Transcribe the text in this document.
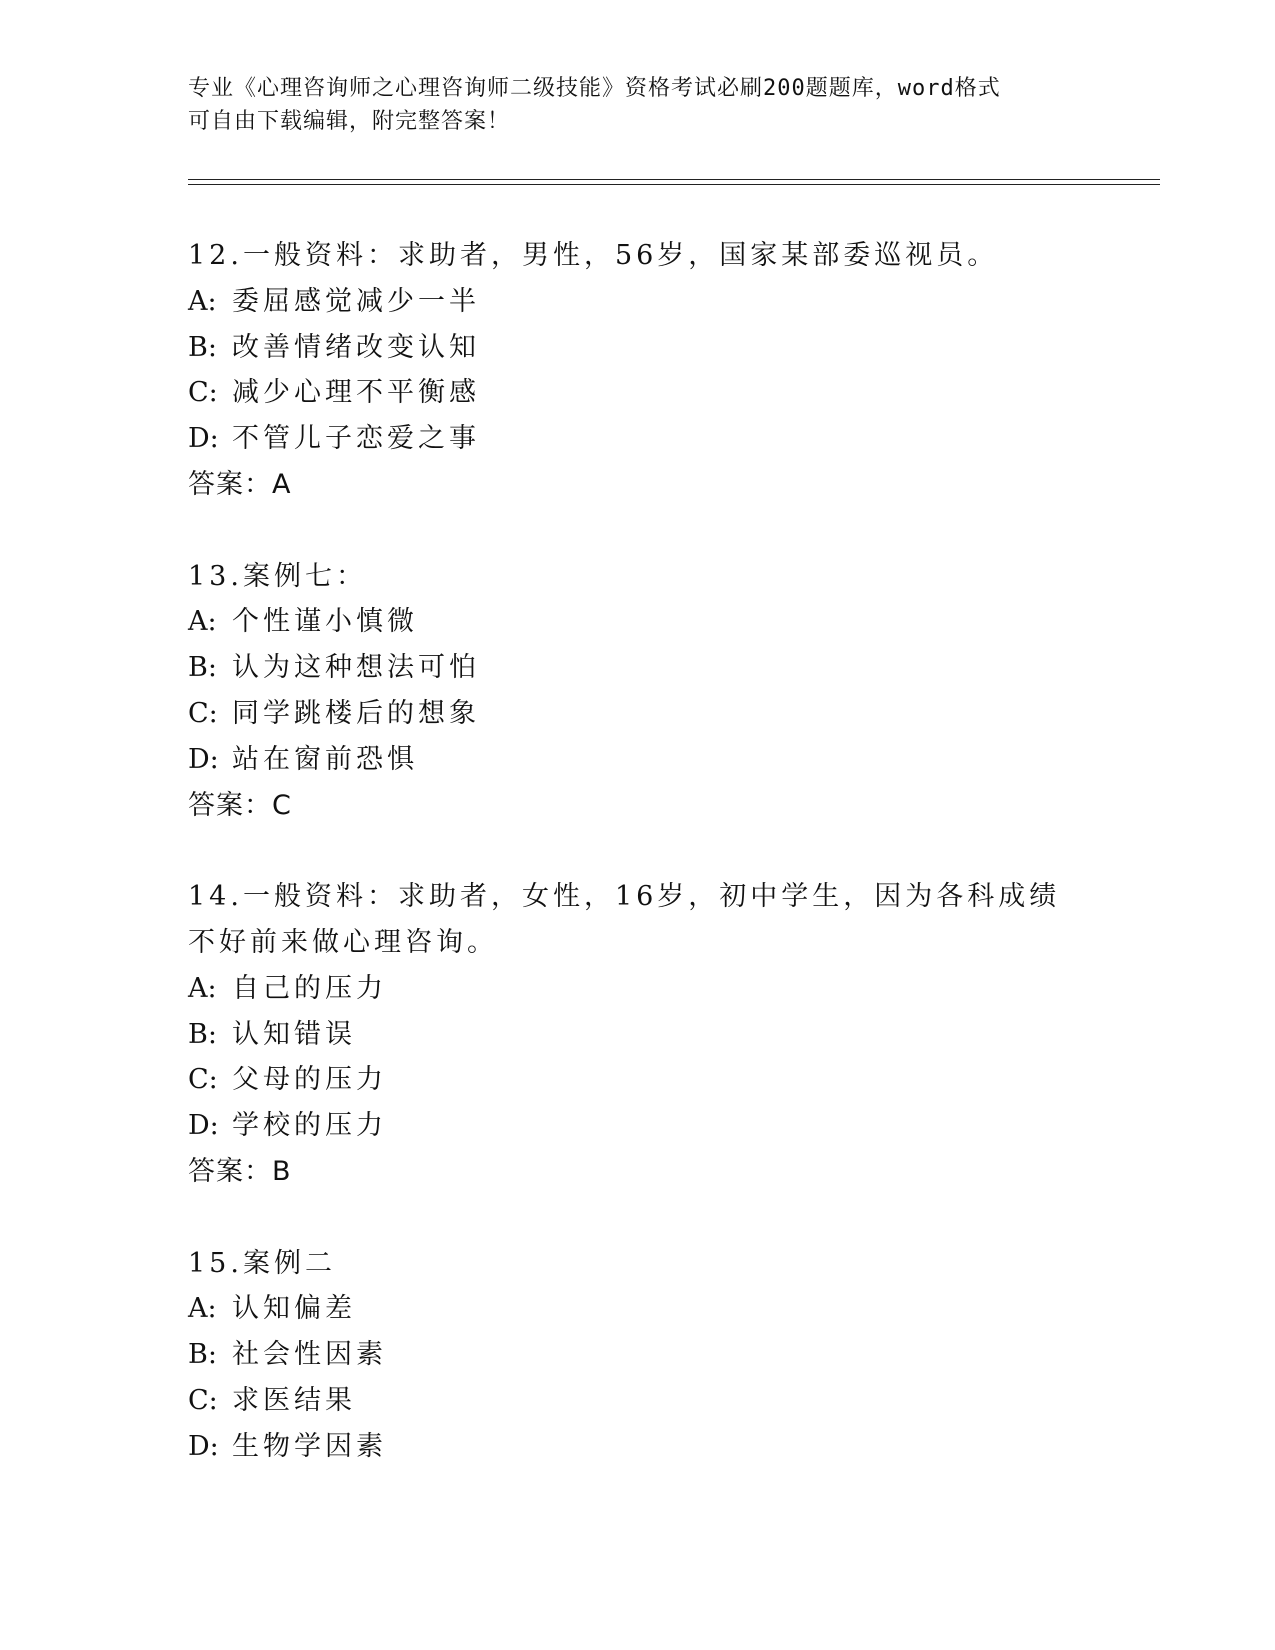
专业《心理咨询师之心理咨询师二级技能》资格考试必刷200题题库，word格式
可自由下载编辑，附完整答案！
12.一般资料：求助者，男性，56岁，国家某部委巡视员。
A: 委屈感觉减少一半
B: 改善情绪改变认知
C: 减少心理不平衡感
D: 不管儿子恋爱之事
答案：A
13.案例七：
A: 个性谨小慎微
B: 认为这种想法可怕
C: 同学跳楼后的想象
D: 站在窗前恐惧
答案：C
14.一般资料：求助者，女性，16岁，初中学生，因为各科成绩不好前来做心理咨询。
A: 自己的压力
B: 认知错误
C: 父母的压力
D: 学校的压力
答案：B
15.案例二
A: 认知偏差
B: 社会性因素
C: 求医结果
D: 生物学因素
